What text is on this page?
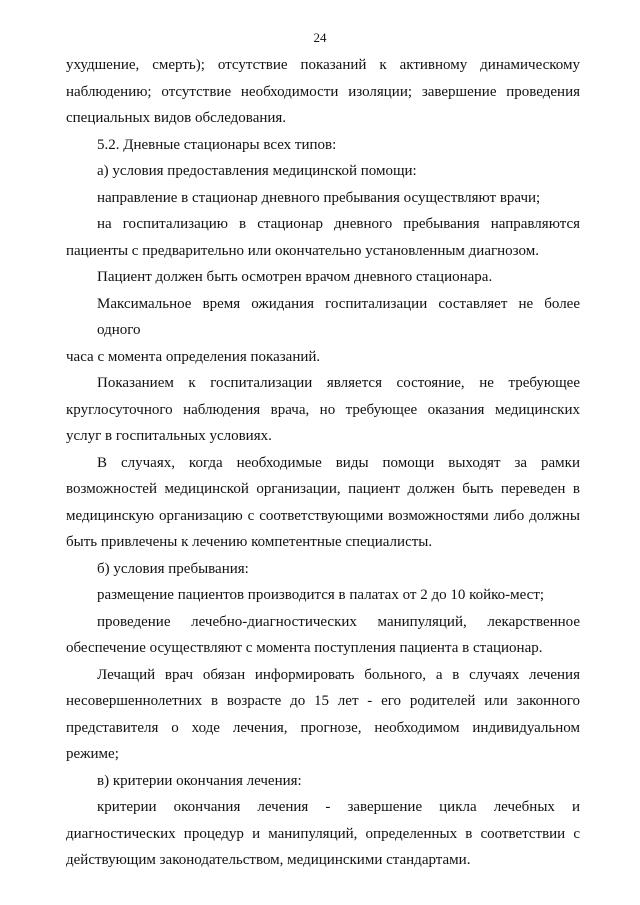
24
ухудшение, смерть); отсутствие показаний к активному динамическому
наблюдению; отсутствие необходимости изоляции; завершение проведения
специальных видов обследования.
5.2. Дневные стационары всех типов:
а) условия предоставления медицинской помощи:
направление в стационар дневного пребывания осуществляют врачи;
на госпитализацию в стационар дневного пребывания направляются
пациенты с предварительно или окончательно установленным диагнозом.
Пациент должен быть осмотрен врачом дневного стационара.
Максимальное время ожидания госпитализации составляет не более одного
часа с момента определения показаний.
Показанием к госпитализации является состояние, не требующее
круглосуточного наблюдения врача, но требующее оказания медицинских
услуг в госпитальных условиях.
В случаях, когда необходимые виды помощи выходят за рамки
возможностей медицинской организации, пациент должен быть переведен в
медицинскую организацию с соответствующими возможностями либо должны
быть привлечены к лечению компетентные специалисты.
б) условия пребывания:
размещение пациентов производится в палатах от 2 до 10 койко-мест;
проведение лечебно-диагностических манипуляций, лекарственное
обеспечение осуществляют с момента поступления пациента в стационар.
Лечащий врач обязан информировать больного, а в случаях лечения
несовершеннолетних в возрасте до 15 лет - его родителей или законного
представителя о ходе лечения, прогнозе, необходимом индивидуальном
режиме;
в) критерии окончания лечения:
критерии окончания лечения - завершение цикла лечебных и
диагностических процедур и манипуляций, определенных в соответствии с
действующим законодательством, медицинскими стандартами.
